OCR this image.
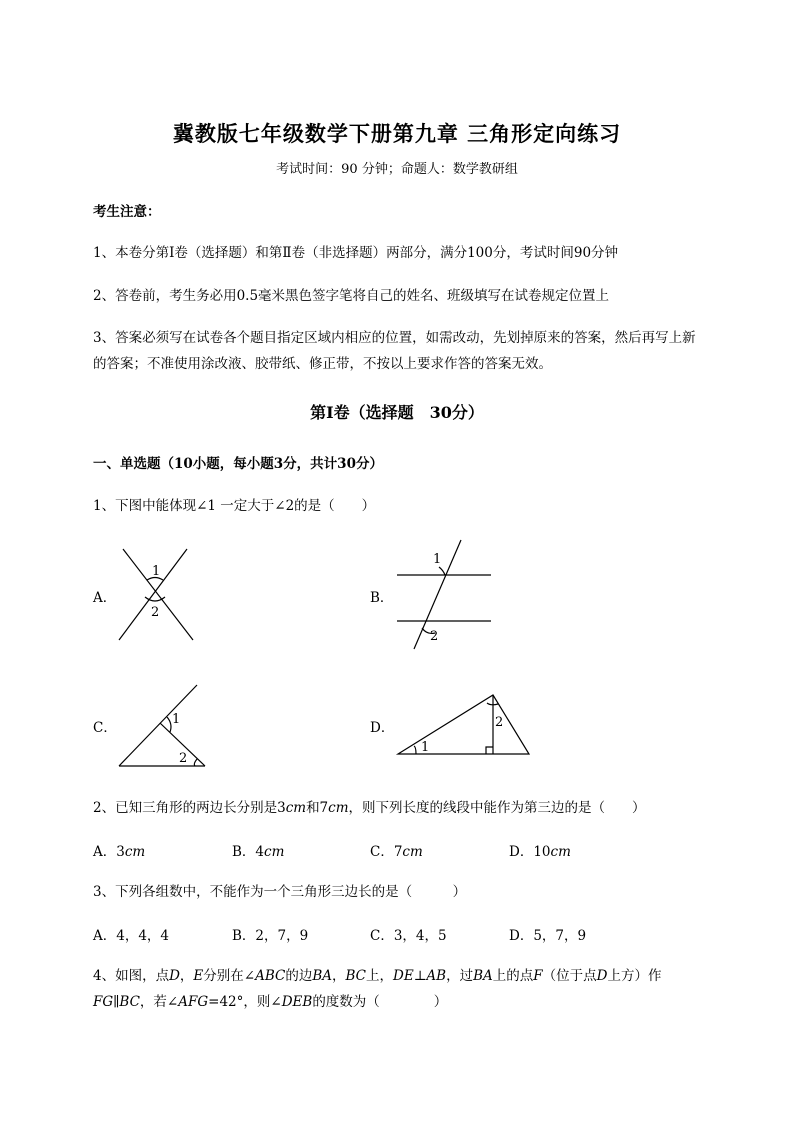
冀教版七年级数学下册第九章 三角形定向练习
考试时间：90 分钟；命题人：数学教研组
考生注意：
1、本卷分第I卷（选择题）和第Ⅱ卷（非选择题）两部分，满分100分，考试时间90分钟
2、答卷前，考生务必用0.5毫米黑色签字笔将自己的姓名、班级填写在试卷规定位置上
3、答案必须写在试卷各个题目指定区域内相应的位置，如需改动，先划掉原来的答案，然后再写上新
的答案；不准使用涂改液、胶带纸、修正带，不按以上要求作答的答案无效。
第I卷（选择题　30分）
一、单选题（10小题，每小题3分，共计30分）
1、下图中能体现∠1 一定大于∠2的是（　　）
A．
1
2
B．
1
2
C．
1
2
D．
1
2
2、已知三角形的两边长分别是3cm和7cm，则下列长度的线段中能作为第三边的是（　　）
A．3cm	B．4cm	C．7cm	D．10cm
3、下列各组数中，不能作为一个三角形三边长的是（　　　）
A．4，4，4	B．2，7，9	C．3，4，5	D．5，7，9
4、如图，点D，E分别在∠ABC的边BA，BC上，DE⊥AB，过BA上的点F（位于点D上方）作
FG∥BC，若∠AFG=42°，则∠DEB的度数为（　　　　）
